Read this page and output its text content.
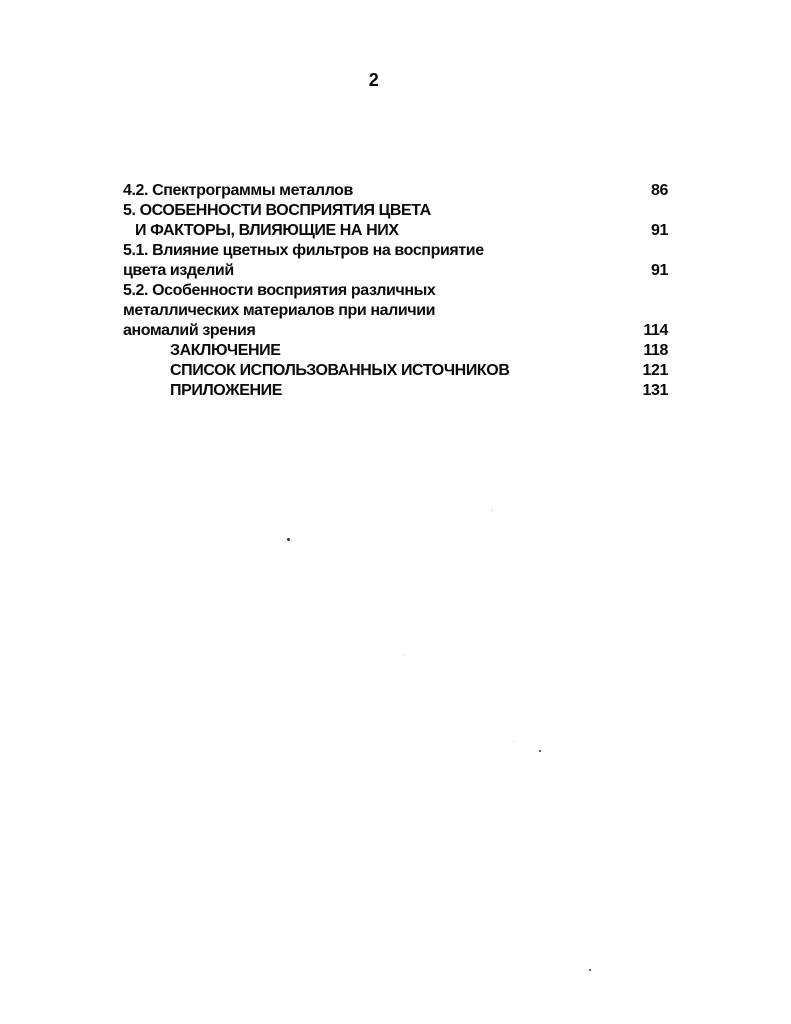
2
4.2. Спектрограммы металлов	86
5. ОСОБЕННОСТИ ВОСПРИЯТИЯ ЦВЕТА
И ФАКТОРЫ, ВЛИЯЮЩИЕ НА НИХ	91
5.1. Влияние цветных фильтров на восприятие
цвета изделий	91
5.2. Особенности восприятия различных
металлических материалов при наличии
аномалий зрения	114
ЗАКЛЮЧЕНИЕ	118
СПИСОК ИСПОЛЬЗОВАННЫХ ИСТОЧНИКОВ	121
ПРИЛОЖЕНИЕ	131
